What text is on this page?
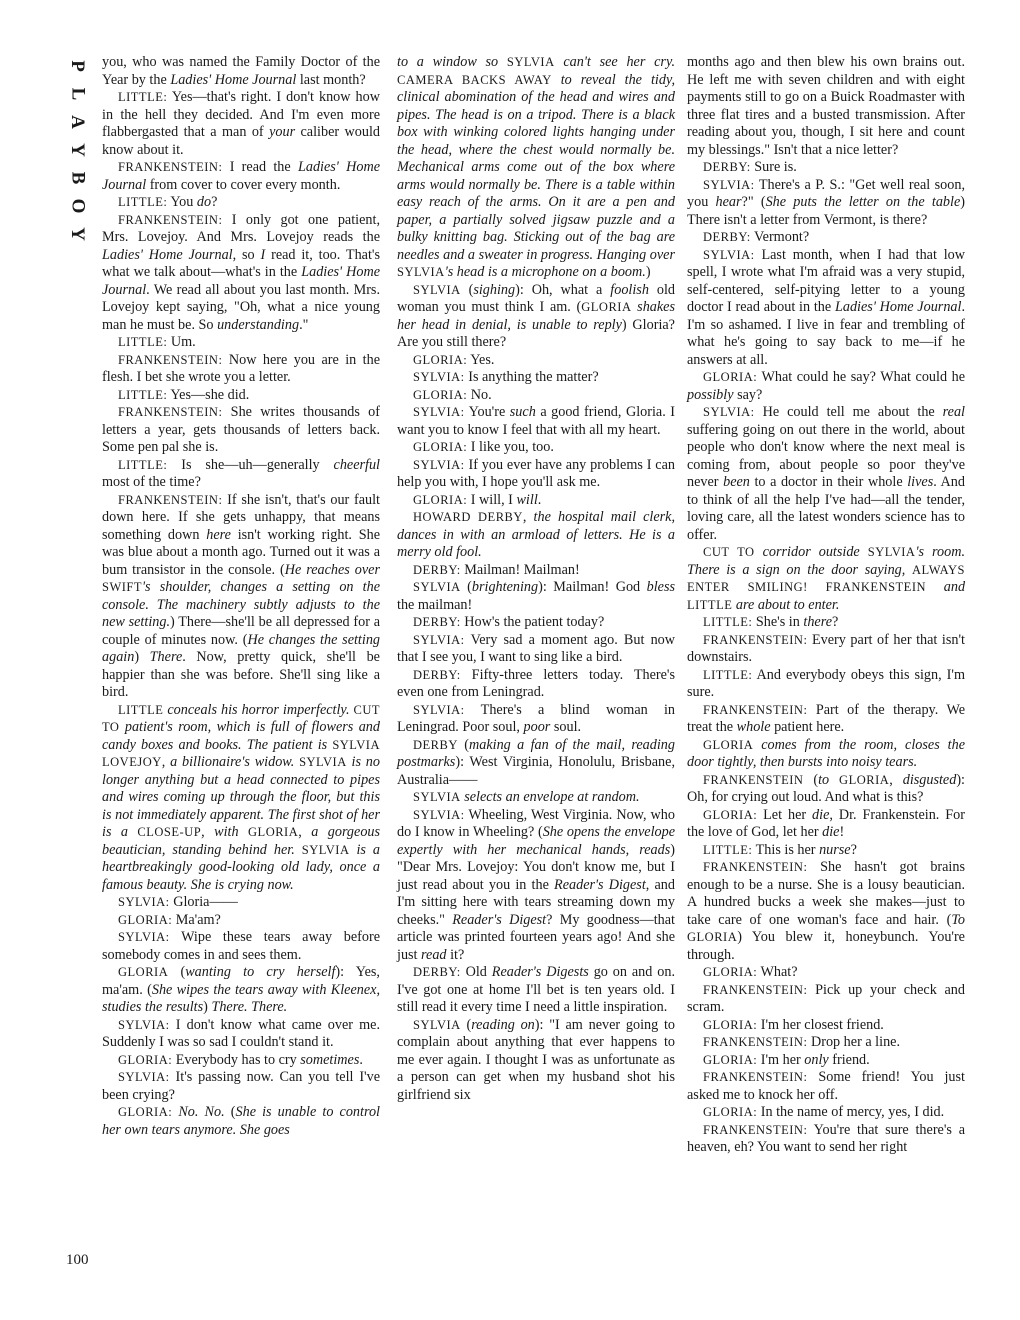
P
L
A
Y
B
O
Y

you, who was named the Family Doctor of the Year by the Ladies' Home Journal last month?

LITTLE: Yes—that's right. I don't know how in the hell they decided. And I'm even more flabbergasted that a man of your caliber would know about it.

FRANKENSTEIN: I read the Ladies' Home Journal from cover to cover every month.

LITTLE: You do?

FRANKENSTEIN: I only got one patient, Mrs. Lovejoy. And Mrs. Lovejoy reads the Ladies' Home Journal, so I read it, too. That's what we talk about—what's in the Ladies' Home Journal. We read all about you last month. Mrs. Lovejoy kept saying, "Oh, what a nice young man he must be. So understanding."

LITTLE: Um.

FRANKENSTEIN: Now here you are in the flesh. I bet she wrote you a letter.

LITTLE: Yes—she did.

FRANKENSTEIN: She writes thousands of letters a year, gets thousands of letters back. Some pen pal she is.

LITTLE: Is she—uh—generally cheerful most of the time?

FRANKENSTEIN: If she isn't, that's our fault down here. If she gets unhappy, that means something down here isn't working right. She was blue about a month ago. Turned out it was a bum transistor in the console. (He reaches over SWIFT's shoulder, changes a setting on the console. The machinery subtly adjusts to the new setting.) There—she'll be all depressed for a couple of minutes now. (He changes the setting again) There. Now, pretty quick, she'll be happier than she was before. She'll sing like a bird.

LITTLE conceals his horror imperfectly. CUT TO patient's room, which is full of flowers and candy boxes and books. The patient is SYLVIA LOVEJOY, a billionaire's widow. SYLVIA is no longer anything but a head connected to pipes and wires coming up through the floor, but this is not immediately apparent. The first shot of her is a CLOSE-UP, with GLORIA, a gorgeous beautician, standing behind her. SYLVIA is a heartbreakingly good-looking old lady, once a famous beauty. She is crying now.

SYLVIA: Gloria——

GLORIA: Ma'am?

SYLVIA: Wipe these tears away before somebody comes in and sees them.

GLORIA (wanting to cry herself): Yes, ma'am. (She wipes the tears away with Kleenex, studies the results) There. There.

SYLVIA: I don't know what came over me. Suddenly I was so sad I couldn't stand it.

GLORIA: Everybody has to cry sometimes.

SYLVIA: It's passing now. Can you tell I've been crying?

GLORIA: No. No. (She is unable to control her own tears anymore. She goes

to a window so SYLVIA can't see her cry. CAMERA BACKS AWAY to reveal the tidy, clinical abomination of the head and wires and pipes. The head is on a tripod. There is a black box with winking colored lights hanging under the head, where the chest would normally be. Mechanical arms come out of the box where arms would normally be. There is a table within easy reach of the arms. On it are a pen and paper, a partially solved jigsaw puzzle and a bulky knitting bag. Sticking out of the bag are needles and a sweater in progress. Hanging over SYLVIA's head is a microphone on a boom.)

SYLVIA (sighing): Oh, what a foolish old woman you must think I am. (GLORIA shakes her head in denial, is unable to reply) Gloria? Are you still there?

GLORIA: Yes.

SYLVIA: Is anything the matter?

GLORIA: No.

SYLVIA: You're such a good friend, Gloria. I want you to know I feel that with all my heart.

GLORIA: I like you, too.

SYLVIA: If you ever have any problems I can help you with, I hope you'll ask me.

GLORIA: I will, I will.

HOWARD DERBY, the hospital mail clerk, dances in with an armload of letters. He is a merry old fool.

DERBY: Mailman! Mailman!

SYLVIA (brightening): Mailman! God bless the mailman!

DERBY: How's the patient today?

SYLVIA: Very sad a moment ago. But now that I see you, I want to sing like a bird.

DERBY: Fifty-three letters today. There's even one from Leningrad.

SYLVIA: There's a blind woman in Leningrad. Poor soul, poor soul.

DERBY (making a fan of the mail, reading postmarks): West Virginia, Honolulu, Brisbane, Australia——

SYLVIA selects an envelope at random.

SYLVIA: Wheeling, West Virginia. Now, who do I know in Wheeling? (She opens the envelope expertly with her mechanical hands, reads) "Dear Mrs. Lovejoy: You don't know me, but I just read about you in the Reader's Digest, and I'm sitting here with tears streaming down my cheeks." Reader's Digest? My goodness—that article was printed fourteen years ago! And she just read it?

DERBY: Old Reader's Digests go on and on. I've got one at home I'll bet is ten years old. I still read it every time I need a little inspiration.

SYLVIA (reading on): "I am never going to complain about anything that ever happens to me ever again. I thought I was as unfortunate as a person can get when my husband shot his girlfriend six

months ago and then blew his own brains out. He left me with seven children and with eight payments still to go on a Buick Roadmaster with three flat tires and a busted transmission. After reading about you, though, I sit here and count my blessings." Isn't that a nice letter?

DERBY: Sure is.

SYLVIA: There's a P. S.: "Get well real soon, you hear?" (She puts the letter on the table) There isn't a letter from Vermont, is there?

DERBY: Vermont?

SYLVIA: Last month, when I had that low spell, I wrote what I'm afraid was a very stupid, self-centered, self-pitying letter to a young doctor I read about in the Ladies' Home Journal. I'm so ashamed. I live in fear and trembling of what he's going to say back to me—if he answers at all.

GLORIA: What could he say? What could he possibly say?

SYLVIA: He could tell me about the real suffering going on out there in the world, about people who don't know where the next meal is coming from, about people so poor they've never been to a doctor in their whole lives. And to think of all the help I've had—all the tender, loving care, all the latest wonders science has to offer.

CUT TO corridor outside SYLVIA's room. There is a sign on the door saying, ALWAYS ENTER SMILING! FRANKENSTEIN and LITTLE are about to enter.

LITTLE: She's in there?

FRANKENSTEIN: Every part of her that isn't downstairs.

LITTLE: And everybody obeys this sign, I'm sure.

FRANKENSTEIN: Part of the therapy. We treat the whole patient here.

GLORIA comes from the room, closes the door tightly, then bursts into noisy tears.

FRANKENSTEIN (to GLORIA, disgusted): Oh, for crying out loud. And what is this?

GLORIA: Let her die, Dr. Frankenstein. For the love of God, let her die!

LITTLE: This is her nurse?

FRANKENSTEIN: She hasn't got brains enough to be a nurse. She is a lousy beautician. A hundred bucks a week she makes—just to take care of one woman's face and hair. (To GLORIA) You blew it, honeybunch. You're through.

GLORIA: What?

FRANKENSTEIN: Pick up your check and scram.

GLORIA: I'm her closest friend.

FRANKENSTEIN: Drop her a line.

GLORIA: I'm her only friend.

FRANKENSTEIN: Some friend! You just asked me to knock her off.

GLORIA: In the name of mercy, yes, I did.

FRANKENSTEIN: You're that sure there's a heaven, eh? You want to send her right

100
